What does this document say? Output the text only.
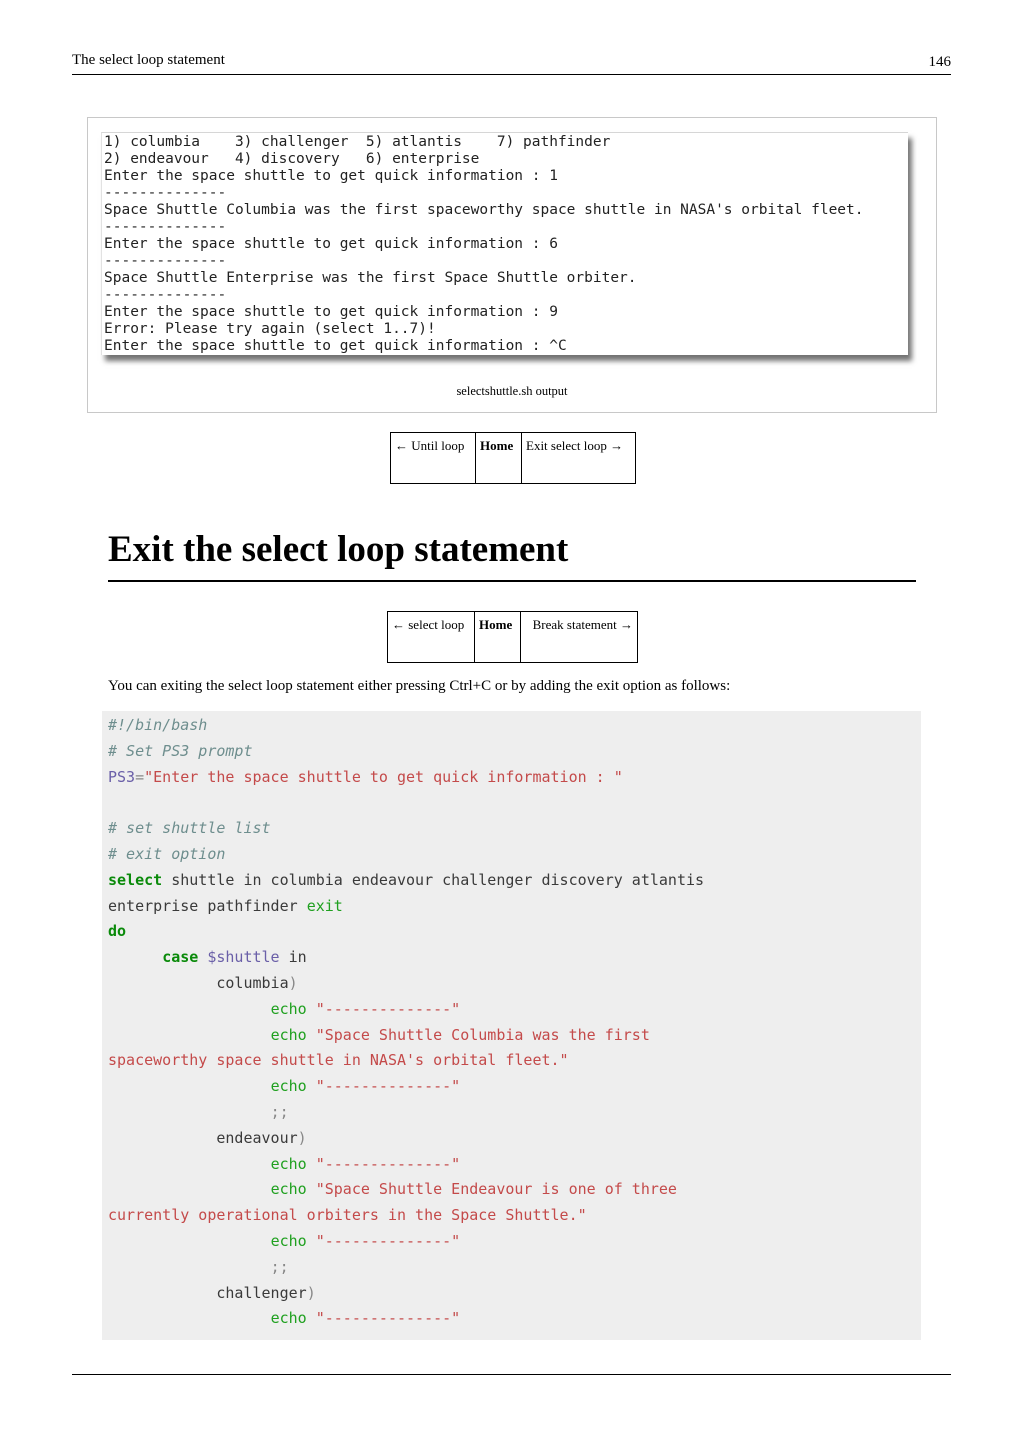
The select loop statement	146
1) columbia    3) challenger  5) atlantis    7) pathfinder
2) endeavour   4) discovery   6) enterprise
Enter the space shuttle to get quick information : 1
--------------
Space Shuttle Columbia was the first spaceworthy space shuttle in NASA's orbital fleet.
--------------
Enter the space shuttle to get quick information : 6
--------------
Space Shuttle Enterprise was the first Space Shuttle orbiter.
--------------
Enter the space shuttle to get quick information : 9
Error: Please try again (select 1..7)!
Enter the space shuttle to get quick information : ^C
selectshuttle.sh output
← Until loop	Home	Exit select loop →
Exit the select loop statement
← select loop	Home	Break statement →

You can exiting the select loop statement either pressing Ctrl+C or by adding the exit option as follows:

#!/bin/bash
# Set PS3 prompt
PS3="Enter the space shuttle to get quick information : "
# set shuttle list
# exit option
select shuttle in columbia endeavour challenger discovery atlantis
enterprise pathfinder exit
do
case $shuttle in
columbia)
echo "--------------"
echo "Space Shuttle Columbia was the first
spaceworthy space shuttle in NASA's orbital fleet."
echo "--------------"
;;
endeavour)
echo "--------------"
echo "Space Shuttle Endeavour is one of three
currently operational orbiters in the Space Shuttle."
echo "--------------"
;;
challenger)
echo "--------------"
